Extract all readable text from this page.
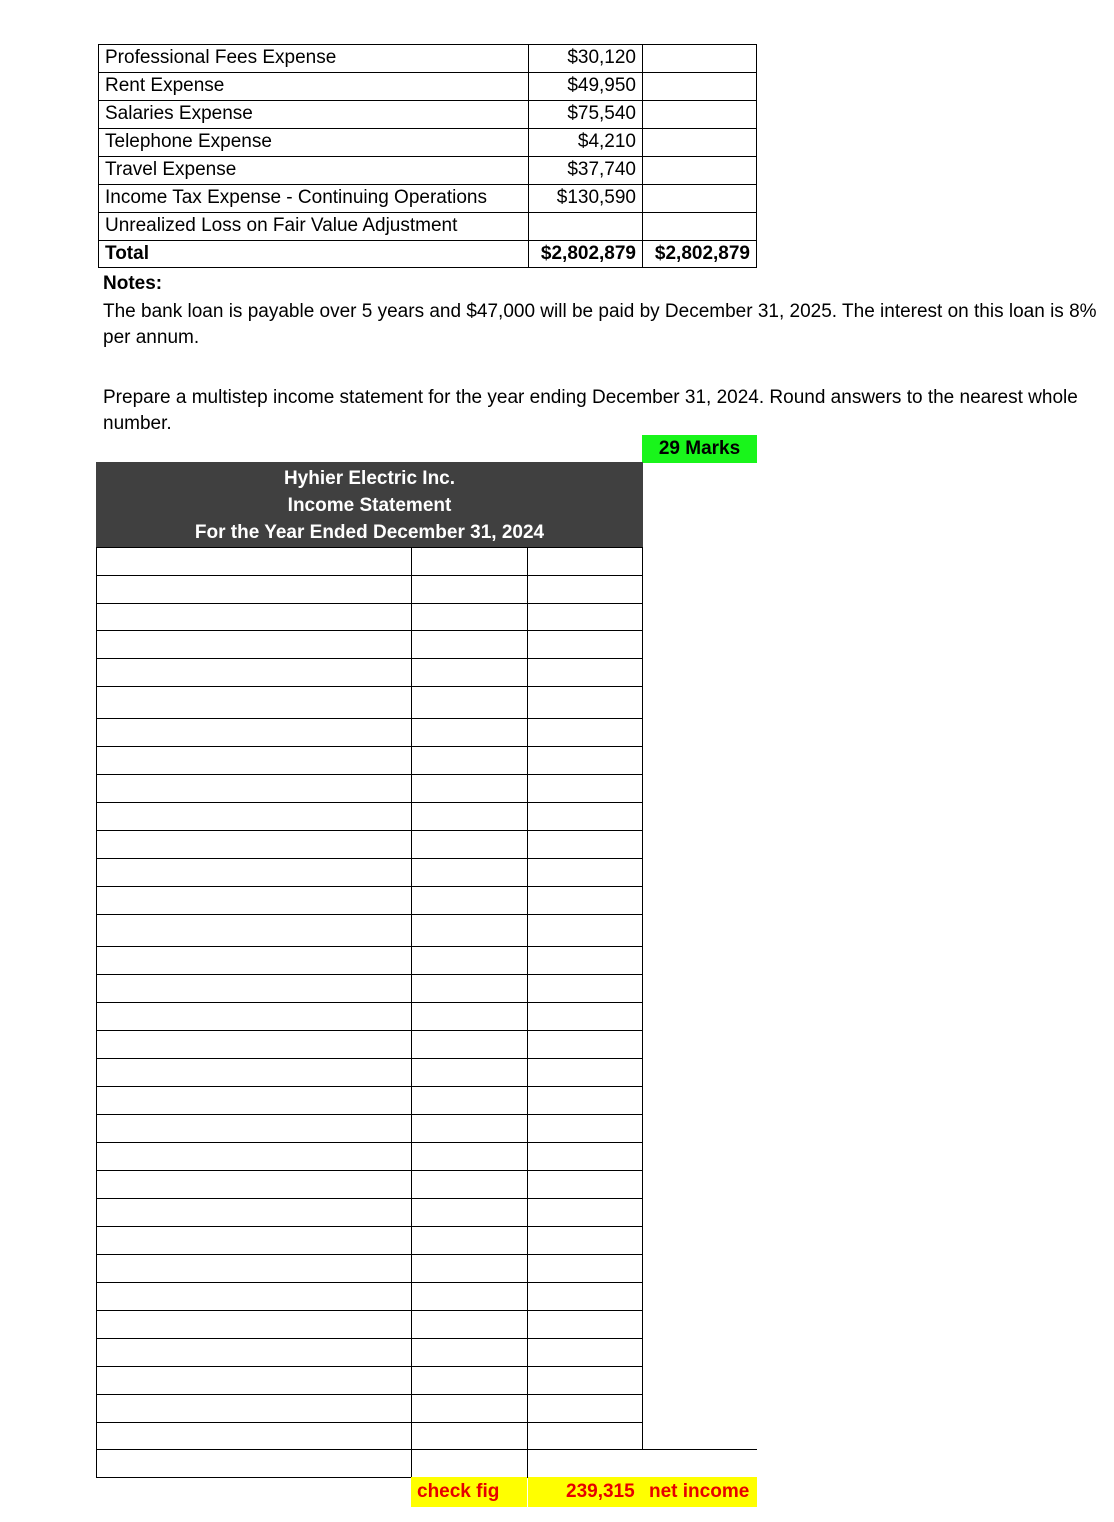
Professional Fees Expense	$30,120
Rent Expense	$49,950
Salaries Expense	$75,540
Telephone Expense	$4,210
Travel Expense	$37,740
Income Tax Expense - Continuing Operations	$130,590
Unrealized Loss on Fair Value Adjustment
Total	$2,802,879 $2,802,879
Notes:
The bank loan is payable over 5 years and $47,000 will be paid by December 31, 2025. The interest on this loan is 8%
per annum.
Prepare a multistep income statement for the year ending December 31, 2024. Round answers to the nearest whole
number.
29 Marks
Hyhier Electric Inc.
Income Statement
For the Year Ended December 31, 2024
check fig	239,315 net income
